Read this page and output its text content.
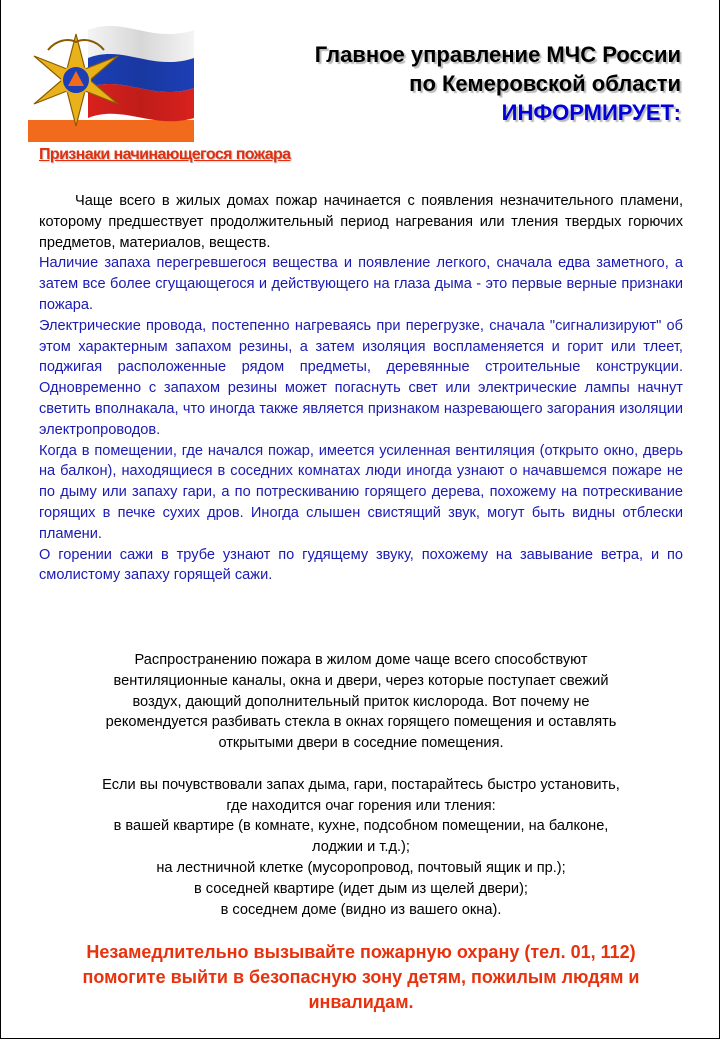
Главное управление МЧС России
по Кемеровской области
ИНФОРМИРУЕТ:
Признаки начинающегося пожара

Чаще всего в жилых домах пожар начинается с появления незначительного пламени, которому предшествует продолжительный период нагревания или тления твердых горючих предметов, материалов, веществ.

Наличие запаха перегревшегося вещества и появление легкого, сначала едва заметного, а затем все более сгущающегося и действующего на глаза дыма - это первые верные признаки пожара.

Электрические провода, постепенно нагреваясь при перегрузке, сначала "сигнализируют" об этом характерным запахом резины, а затем изоляция воспламеняется и горит или тлеет, поджигая расположенные рядом предметы, деревянные строительные конструкции. Одновременно с запахом резины может погаснуть свет или электрические лампы начнут светить вполнакала, что иногда также является признаком назревающего загорания изоляции электропроводов.

Когда в помещении, где начался пожар, имеется усиленная вентиляция (открыто окно, дверь на балкон), находящиеся в соседних комнатах люди иногда узнают о начавшемся пожаре не по дыму или запаху гари, а по потрескиванию горящего дерева, похожему на потрескивание горящих в печке сухих дров. Иногда слышен свистящий звук, могут быть видны отблески пламени.

О горении сажи в трубе узнают по гудящему звуку, похожему на завывание ветра, и по смолистому запаху горящей сажи.

Распространению пожара в жилом доме чаще всего способствуют

вентиляционные каналы, окна и двери, через которые поступает свежий

воздух, дающий дополнительный приток кислорода. Вот почему не

рекомендуется разбивать стекла в окнах горящего помещения и оставлять

открытыми двери в соседние помещения.

Если вы почувствовали запах дыма, гари, постарайтесь быстро установить,

где находится очаг горения или тления:

в вашей квартире (в комнате, кухне, подсобном помещении, на балконе,

лоджии и т.д.);

на лестничной клетке (мусоропровод, почтовый ящик и пр.);

в соседней квартире (идет дым из щелей двери);

в соседнем доме (видно из вашего окна).

Незамедлительно вызывайте пожарную охрану (тел. 01, 112)
помогите выйти в безопасную зону детям, пожилым людям и
инвалидам.
